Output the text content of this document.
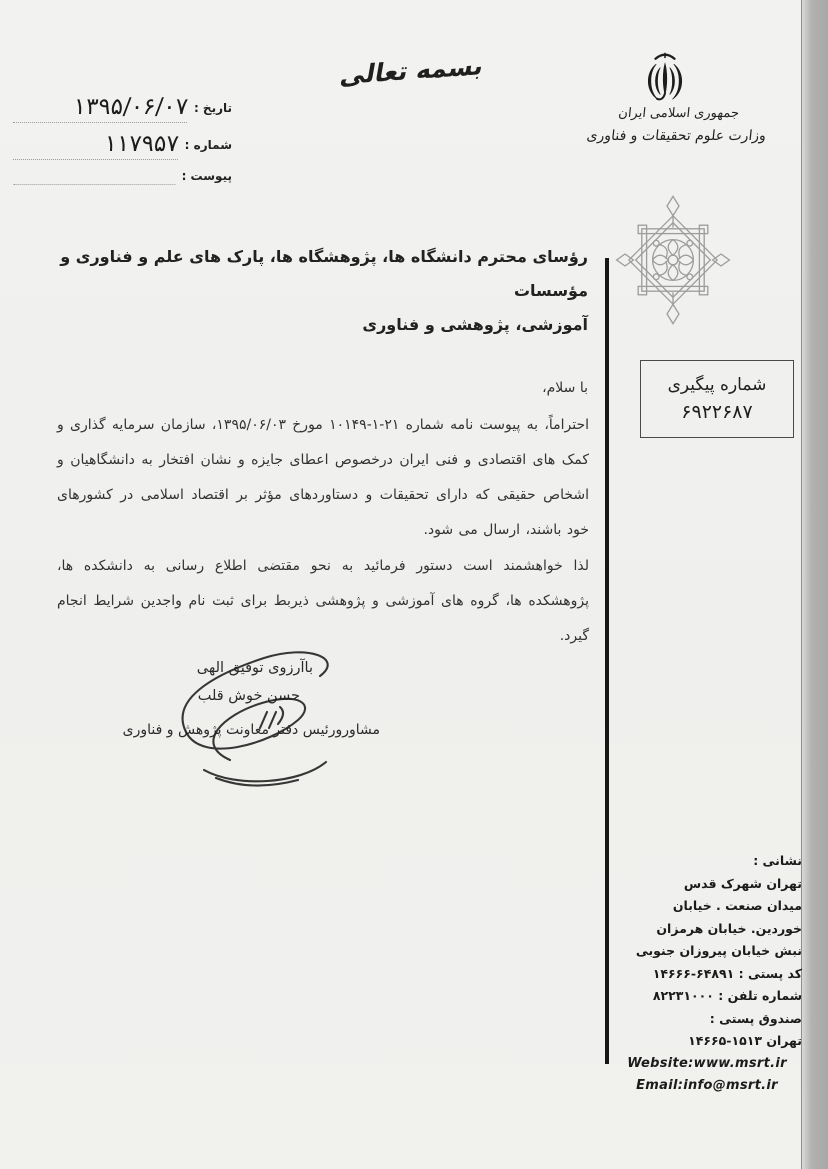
بسمه تعالی
جمهوری اسلامی ایران
وزارت علوم تحقیقات و فناوری
تاریخ :
۱۳۹۵/۰۶/۰۷
شماره :
۱۱۷۹۵۷
پیوست :
شماره پیگیری
۶۹۲۲۶۸۷
رؤسای محترم دانشگاه ها، پژوهشگاه ها، پارک های علم و فناوری و مؤسسات
آموزشی، پژوهشی و فناوری
با سلام،
احتراماً، به پیوست نامه شماره ۲۱-۱-۱۰۱۴۹ مورخ ۱۳۹۵/۰۶/۰۳، سازمان سرمایه گذاری و کمک های اقتصادی و فنی ایران درخصوص اعطای جایزه و نشان افتخار به دانشگاهیان و اشخاص حقیقی که دارای تحقیقات و دستاوردهای مؤثر بر اقتصاد اسلامی در کشورهای خود باشند، ارسال می شود.
لذا خواهشمند است دستور فرمائید به نحو مقتضی اطلاع رسانی به دانشکده ها، پژوهشکده ها، گروه های آموزشی و پژوهشی ذیربط برای ثبت نام واجدین شرایط انجام گیرد.
باآرزوی توفیق الهی
حسن خوش قلب
مشاورورئیس دفتر معاونت پژوهش و فناوری
نشانی :
تهران شهرک قدس
میدان صنعت . خیابان
خوردین. خیابان هرمزان
نبش خیابان پیروزان جنوبی
کد پستی : ۶۴۸۹۱-۱۴۶۶۶
شماره تلفن : ۸۲۲۳۱۰۰۰
صندوق پستی :
تهران ۱۵۱۳-۱۴۶۶۵
Website:www.msrt.ir
Email:info@msrt.ir
